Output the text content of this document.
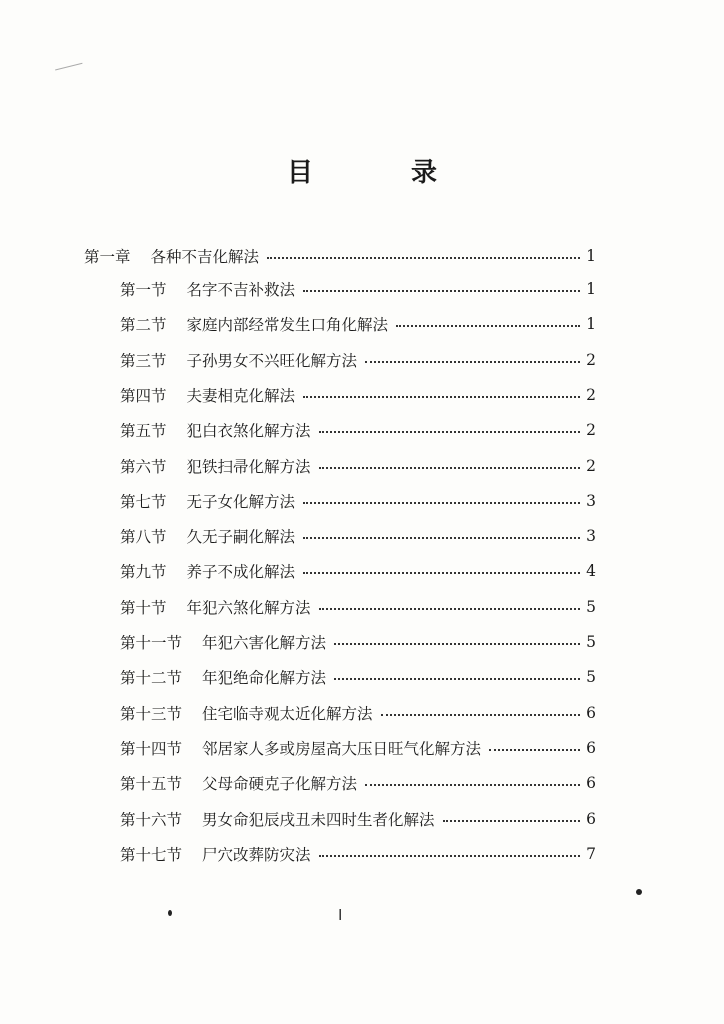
目　录
第一章 各种不吉化解法	1
第一节 名字不吉补救法	1
第二节 家庭内部经常发生口角化解法	1
第三节 子孙男女不兴旺化解方法	2
第四节 夫妻相克化解法	2
第五节 犯白衣煞化解方法	2
第六节 犯铁扫帚化解方法	2
第七节 无子女化解方法	3
第八节 久无子嗣化解法	3
第九节 养子不成化解法	4
第十节 年犯六煞化解方法	5
第十一节 年犯六害化解方法	5
第十二节 年犯绝命化解方法	5
第十三节 住宅临寺观太近化解方法	6
第十四节 邻居家人多或房屋高大压日旺气化解方法	6
第十五节 父母命硬克子化解方法	6
第十六节 男女命犯辰戌丑未四时生者化解法	6
第十七节 尸穴改葬防灾法	7
I
